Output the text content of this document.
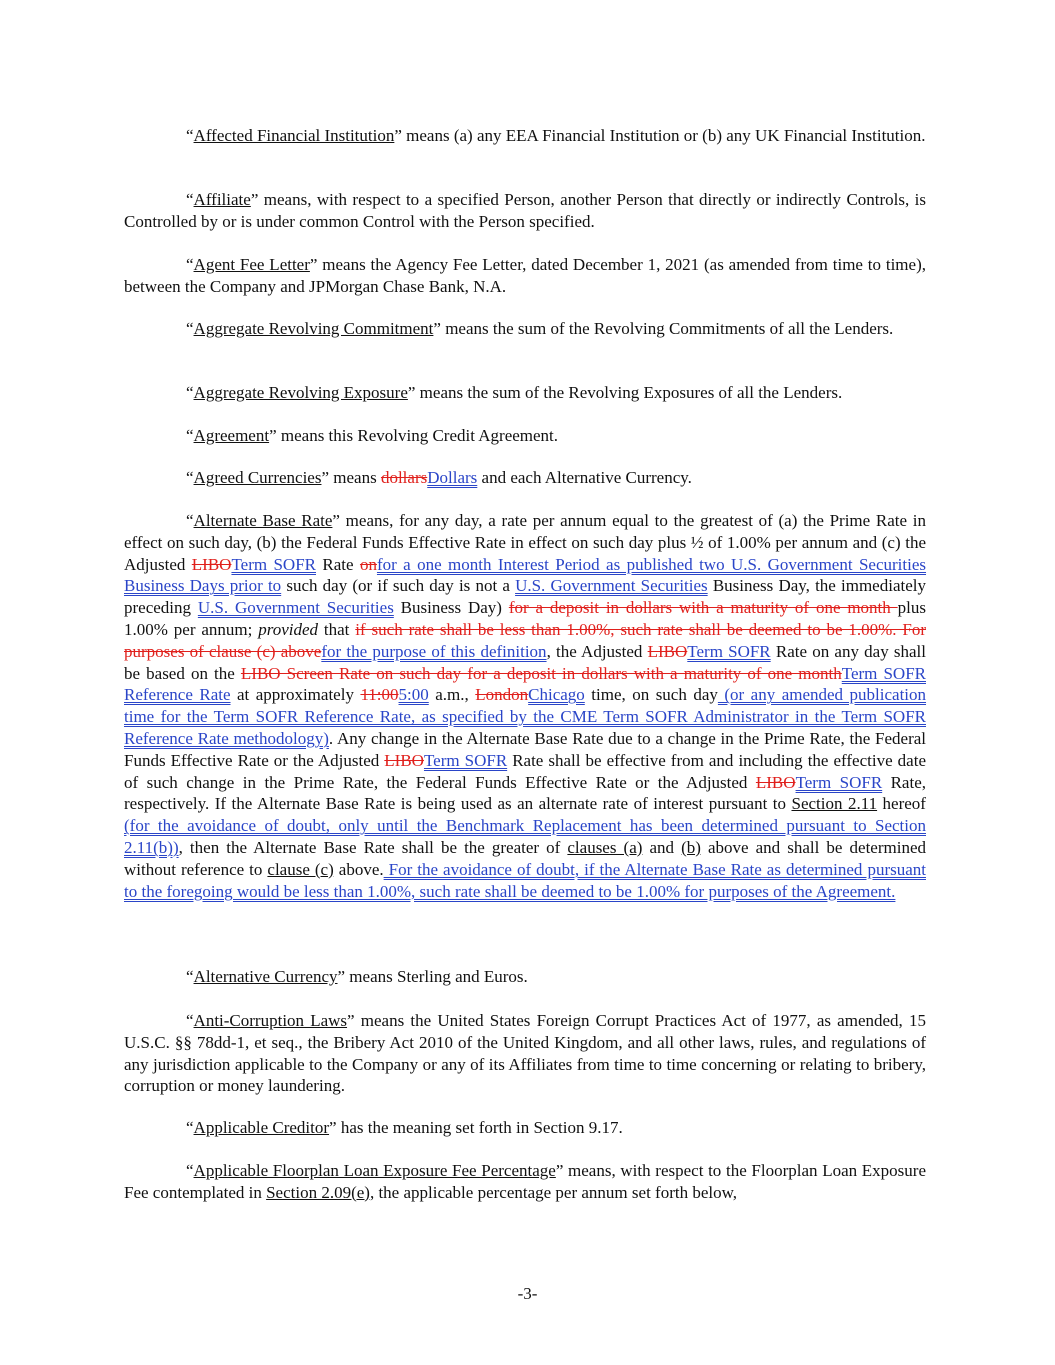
“Affected Financial Institution” means (a) any EEA Financial Institution or (b) any UK Financial Institution.

“Affiliate” means, with respect to a specified Person, another Person that directly or indirectly Controls, is Controlled by or is under common Control with the Person specified.

“Agent Fee Letter” means the Agency Fee Letter, dated December 1, 2021 (as amended from time to time), between the Company and JPMorgan Chase Bank, N.A.

“Aggregate Revolving Commitment” means the sum of the Revolving Commitments of all the Lenders.

“Aggregate Revolving Exposure” means the sum of the Revolving Exposures of all the Lenders.

“Agreement” means this Revolving Credit Agreement.

“Agreed Currencies” means dollarsDollars and each Alternative Currency.

“Alternate Base Rate” means, for any day, a rate per annum equal to the greatest of (a) the Prime Rate in effect on such day, (b) the Federal Funds Effective Rate in effect on such day plus ½ of 1.00% per annum and (c) the Adjusted LIBOTerm SOFR Rate onfor a one month Interest Period as published two U.S. Government Securities Business Days prior to such day (or if such day is not a U.S. Government Securities Business Day, the immediately preceding U.S. Government Securities Business Day) for a deposit in dollars with a maturity of one month plus 1.00% per annum; provided that if such rate shall be less than 1.00%, such rate shall be deemed to be 1.00%. For purposes of clause (c) abovefor the purpose of this definition, the Adjusted LIBOTerm SOFR Rate on any day shall be based on the LIBO Screen Rate on such day for a deposit in dollars with a maturity of one monthTerm SOFR Reference Rate at approximately 11:005:00 a.m., LondonChicago time, on such day (or any amended publication time for the Term SOFR Reference Rate, as specified by the CME Term SOFR Administrator in the Term SOFR Reference Rate methodology). Any change in the Alternate Base Rate due to a change in the Prime Rate, the Federal Funds Effective Rate or the Adjusted LIBOTerm SOFR Rate shall be effective from and including the effective date of such change in the Prime Rate, the Federal Funds Effective Rate or the Adjusted LIBOTerm SOFR Rate, respectively. If the Alternate Base Rate is being used as an alternate rate of interest pursuant to Section 2.11 hereof (for the avoidance of doubt, only until the Benchmark Replacement has been determined pursuant to Section 2.11(b)), then the Alternate Base Rate shall be the greater of clauses (a) and (b) above and shall be determined without reference to clause (c) above. For the avoidance of doubt, if the Alternate Base Rate as determined pursuant to the foregoing would be less than 1.00%, such rate shall be deemed to be 1.00% for purposes of the Agreement.

“Alternative Currency” means Sterling and Euros.

“Anti-Corruption Laws” means the United States Foreign Corrupt Practices Act of 1977, as amended, 15 U.S.C. §§ 78dd-1, et seq., the Bribery Act 2010 of the United Kingdom, and all other laws, rules, and regulations of any jurisdiction applicable to the Company or any of its Affiliates from time to time concerning or relating to bribery, corruption or money laundering.

“Applicable Creditor” has the meaning set forth in Section 9.17.

“Applicable Floorplan Loan Exposure Fee Percentage” means, with respect to the Floorplan Loan Exposure Fee contemplated in Section 2.09(e), the applicable percentage per annum set forth below,

-3-
